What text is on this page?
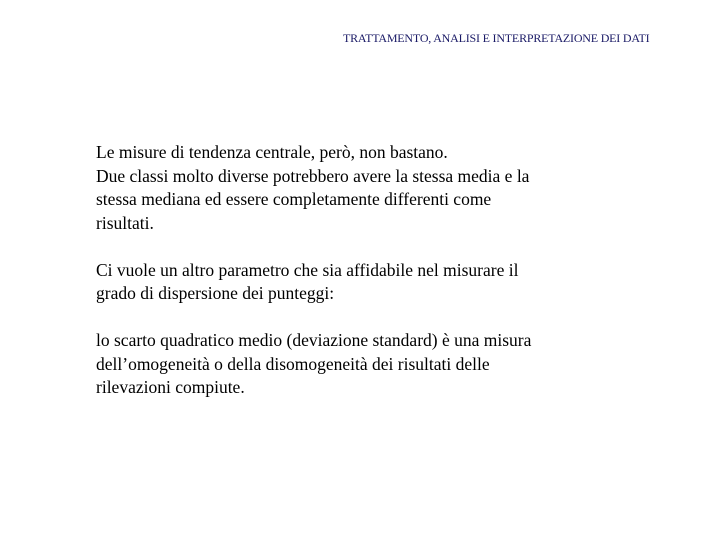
TRATTAMENTO, ANALISI E INTERPRETAZIONE DEI DATI

Le misure di tendenza centrale, però, non bastano.
Due classi molto diverse potrebbero avere la stessa media e la
stessa mediana ed essere completamente differenti come
risultati.

Ci vuole un altro parametro che sia affidabile nel misurare il
grado di dispersione dei punteggi:

lo scarto quadratico medio (deviazione standard) è una misura
dell’omogeneità o della disomogeneità dei risultati delle
rilevazioni compiute.
